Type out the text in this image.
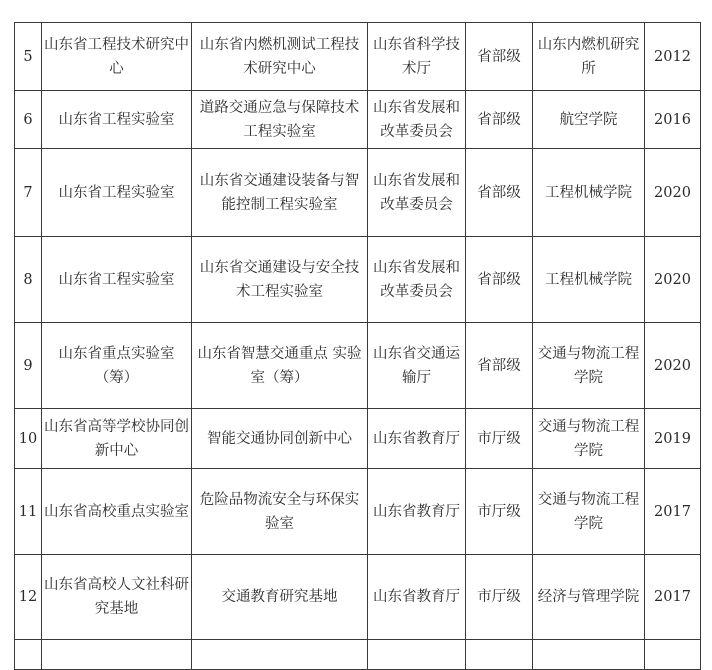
5	山东省工程技术研究中心	山东省内燃机测试工程技术研究中心	山东省科学技术厅	省部级	山东内燃机研究所	2012
6	山东省工程实验室	道路交通应急与保障技术工程实验室	山东省发展和改革委员会	省部级	航空学院	2016
7	山东省工程实验室	山东省交通建设装备与智能控制工程实验室	山东省发展和改革委员会	省部级	工程机械学院	2020
8	山东省工程实验室	山东省交通建设与安全技术工程实验室	山东省发展和改革委员会	省部级	工程机械学院	2020
9	山东省重点实验室（筹）	山东省智慧交通重点 实验室（筹）	山东省交通运输厅	省部级	交通与物流工程学院	2020
10	山东省高等学校协同创新中心	智能交通协同创新中心	山东省教育厅	市厅级	交通与物流工程学院	2019
11	山东省高校重点实验室	危险品物流安全与环保实验室	山东省教育厅	市厅级	交通与物流工程学院	2017
12	山东省高校人文社科研究基地	交通教育研究基地	山东省教育厅	市厅级	经济与管理学院	2017
